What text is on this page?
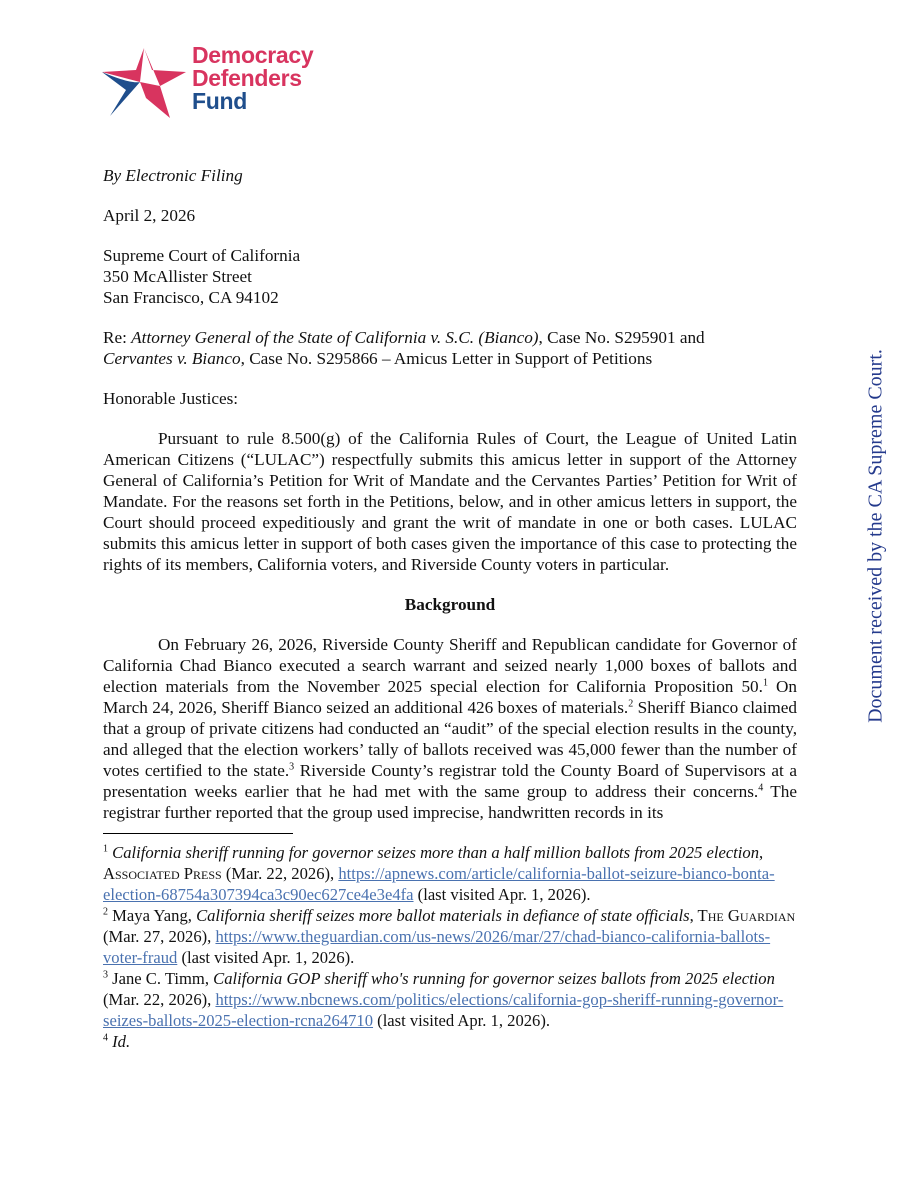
Democracy
Defenders
Fund

By Electronic Filing

April 2, 2026

Supreme Court of California

350 McAllister Street

San Francisco, CA 94102

Re: Attorney General of the State of California v. S.C. (Bianco), Case No. S295901 and
Cervantes v. Bianco, Case No. S295866 – Amicus Letter in Support of Petitions

Honorable Justices:

Pursuant to rule 8.500(g) of the California Rules of Court, the League of United Latin American Citizens (“LULAC”) respectfully submits this amicus letter in support of the Attorney General of California’s Petition for Writ of Mandate and the Cervantes Parties’ Petition for Writ of Mandate. For the reasons set forth in the Petitions, below, and in other amicus letters in support, the Court should proceed expeditiously and grant the writ of mandate in one or both cases. LULAC submits this amicus letter in support of both cases given the importance of this case to protecting the rights of its members, California voters, and Riverside County voters in particular.

Background

On February 26, 2026, Riverside County Sheriff and Republican candidate for Governor of California Chad Bianco executed a search warrant and seized nearly 1,000 boxes of ballots and election materials from the November 2025 special election for California Proposition 50.$^1$ On March 24, 2026, Sheriff Bianco seized an additional 426 boxes of materials.$^2$ Sheriff Bianco claimed that a group of private citizens had conducted an “audit” of the special election results in the county, and alleged that the election workers’ tally of ballots received was 45,000 fewer than the number of votes certified to the state.$^3$ Riverside County’s registrar told the County Board of Supervisors at a presentation weeks earlier that he had met with the same group to address their concerns.$^4$ The registrar further reported that the group used imprecise, handwritten records in its

$^1$ California sheriff running for governor seizes more than a half million ballots from 2025 election, Associated Press (Mar. 22, 2026), https://apnews.com/article/california-ballot-seizure-bianco-bonta-election-68754a307394ca3c90ec627ce4e3e4fa (last visited Apr. 1, 2026).

$^2$ Maya Yang, California sheriff seizes more ballot materials in defiance of state officials, The Guardian (Mar. 27, 2026), https://www.theguardian.com/us-news/2026/mar/27/chad-bianco-california-ballots-voter-fraud (last visited Apr. 1, 2026).

$^3$ Jane C. Timm, California GOP sheriff who's running for governor seizes ballots from 2025 election (Mar. 22, 2026), https://www.nbcnews.com/politics/elections/california-gop-sheriff-running-governor-seizes-ballots-2025-election-rcna264710 (last visited Apr. 1, 2026).

$^4$ Id.

Document received by the CA Supreme Court.
